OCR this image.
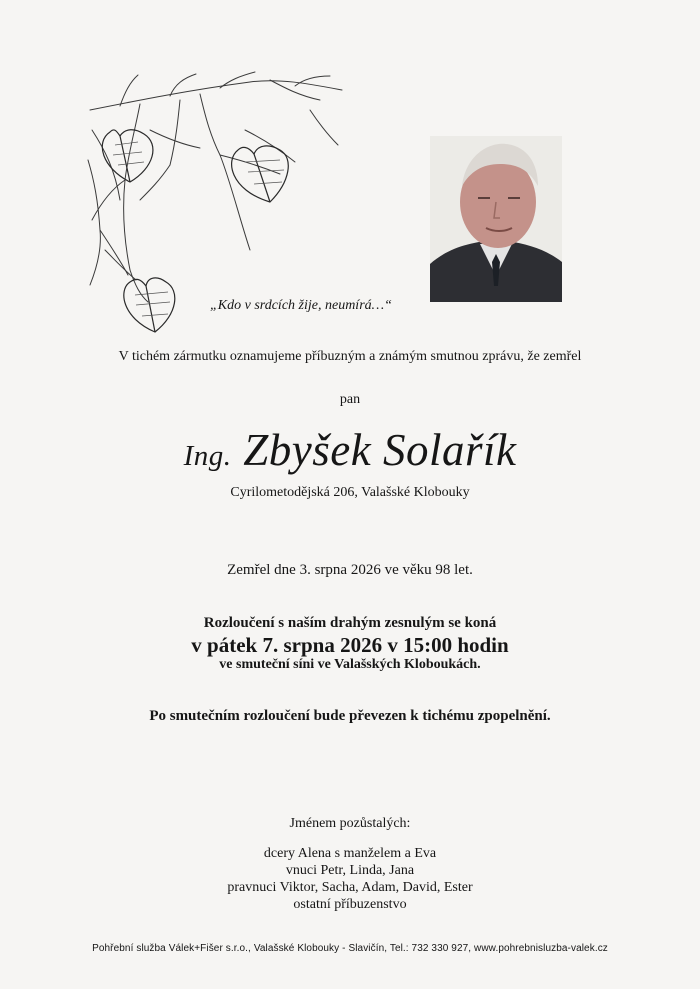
„Kdo v srdcích žije, neumírá…“
V tichém zármutku oznamujeme příbuzným a známým smutnou zprávu, že zemřel
pan
Ing. Zbyšek Solařík
Cyrilometodějská 206, Valašské Klobouky
Zemřel dne 3. srpna 2026 ve věku 98 let.
Rozloučení s naším drahým zesnulým se koná
v pátek 7. srpna 2026 v 15:00 hodin
ve smuteční síni ve Valašských Kloboukách.
Po smutečním rozloučení bude převezen k tichému zpopelnění.
Jménem pozůstalých:
dcery Alena s manželem a Eva
vnuci Petr, Linda, Jana
pravnuci Viktor, Sacha, Adam, David, Ester
ostatní příbuzenstvo
Pohřební služba Válek+Fišer s.r.o., Valašské Klobouky - Slavičín, Tel.: 732 330 927, www.pohrebnisluzba-valek.cz
